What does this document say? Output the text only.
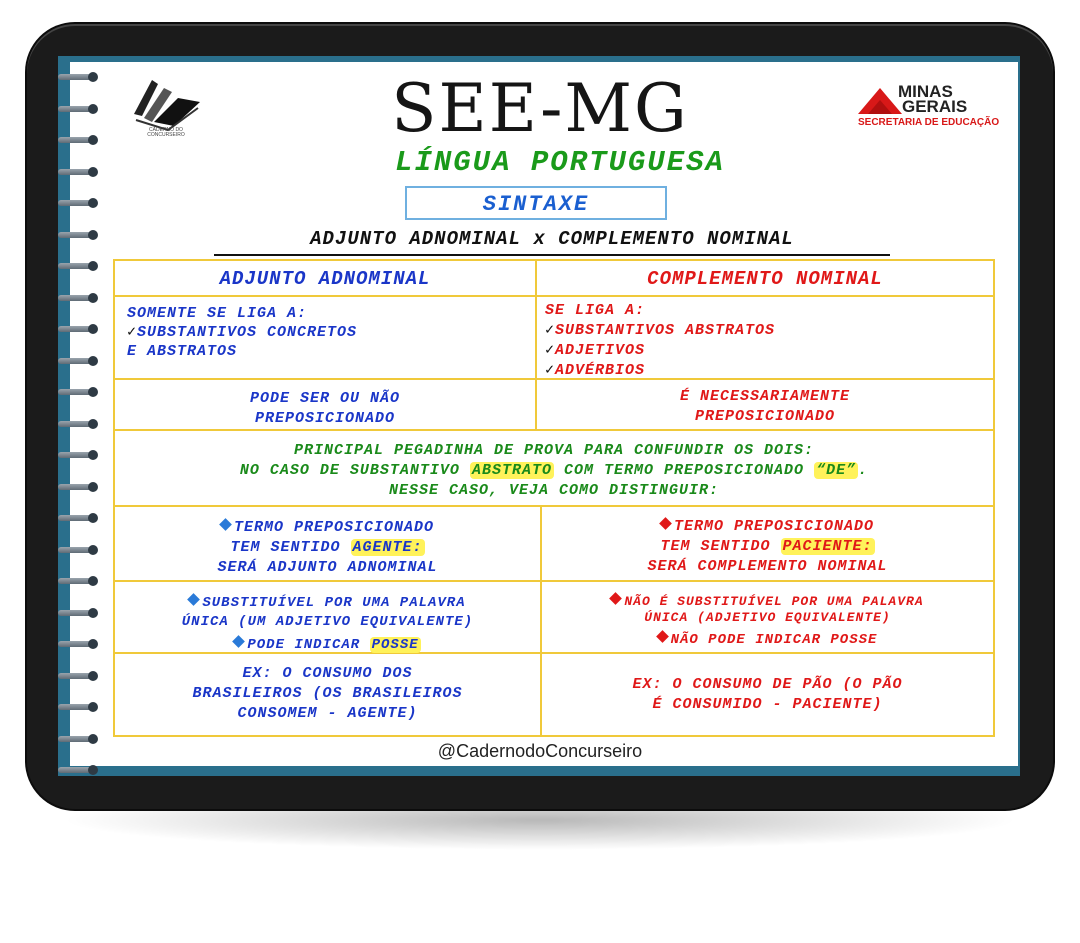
CADERNO DO CONCURSEIRO
MINAS
GERAIS
SECRETARIA DE EDUCAÇÃO
SEE-MG
LÍNGUA PORTUGUESA
SINTAXE
ADJUNTO ADNOMINAL x COMPLEMENTO NOMINAL
ADJUNTO ADNOMINAL	COMPLEMENTO NOMINAL
SOMENTE SE LIGA A:
✓SUBSTANTIVOS CONCRETOS
E ABSTRATOS
SE LIGA A:
✓SUBSTANTIVOS ABSTRATOS
✓ADJETIVOS
✓ADVÉRBIOS
PODE SER OU NÃO
PREPOSICIONADO
É NECESSARIAMENTE
PREPOSICIONADO
PRINCIPAL PEGADINHA DE PROVA PARA CONFUNDIR OS DOIS:
NO CASO DE SUBSTANTIVO ABSTRATO COM TERMO PREPOSICIONADO “DE” .
NESSE CASO, VEJA COMO DISTINGUIR:
TERMO PREPOSICIONADO
TEM SENTIDO AGENTE:
SERÁ ADJUNTO ADNOMINAL
TERMO PREPOSICIONADO
TEM SENTIDO PACIENTE:
SERÁ COMPLEMENTO NOMINAL
SUBSTITUÍVEL POR UMA PALAVRA
ÚNICA (UM ADJETIVO EQUIVALENTE)
PODE INDICAR POSSE
NÃO É SUBSTITUÍVEL POR UMA PALAVRA
ÚNICA (ADJETIVO EQUIVALENTE)
NÃO PODE INDICAR POSSE
EX: O CONSUMO DOS
BRASILEIROS (OS BRASILEIROS
CONSOMEM - AGENTE)
EX: O CONSUMO DE PÃO (O PÃO
É CONSUMIDO - PACIENTE)
@CadernodoConcurseiro
